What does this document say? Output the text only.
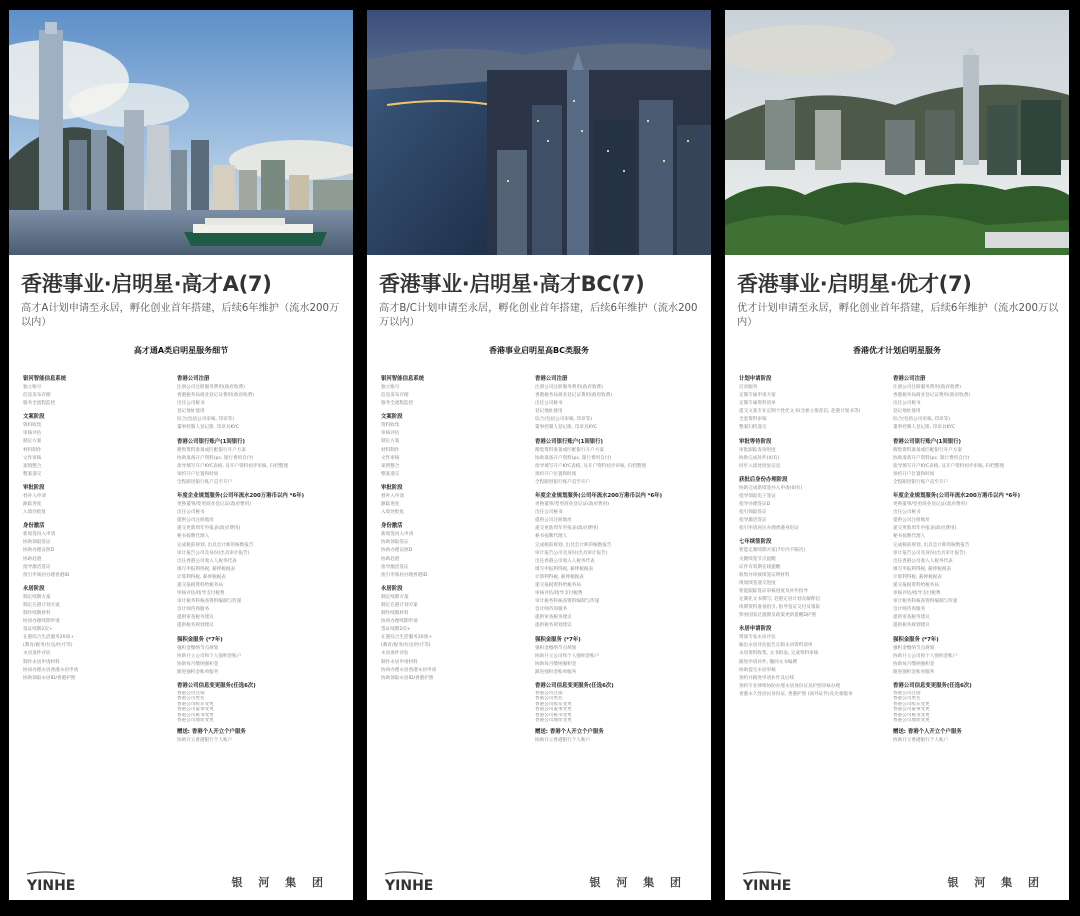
香港事业·启明星·高才A(7)
高才A计划申请至永居，孵化创业首年搭建，后续6年维护（流水200万以内）
高才通A类启明星服务细节
银河智能信息系统
独立账号
信息发布存储
服务全流程监控
文案阶段
资料收集
审核评估
制定方案
材料制作
文件审核
案情整合
整案递交
审批阶段
替补入申请
跟踪进度
入境处批复
身份激活
新境签再入申请
协助领取签证
协助办理证照D
协助赴港
指导激活签证
指引申领居办理香港ID
永居阶段
制定续期方案
制定在港计划方案
制作续期材料
协同办理续期申请
签证续期2次+
在港综合生活服务20项+
(教育/税务/住房/医疗等)
永居条件评估
制作永居申请材料
协同办理永居香港永居申请
协助领取永居ID/香港护照
香港公司注册
注册公司注册服务费用(政府收费)
香港税务局商业登记证费用(政府收费)
出任公司秘书
登记地址使用
综合(包括公司审核, 印章等)
董事控制人登记册, 印章具KYC
香港公司银行账户(1间银行)
搜集资料准备或匹配银行开户方案
协助准备开户资料(pc, 银行费用自付)
指导填写开户KYC表格, 及开户资料初步审核, 归档整理
预约开户位置和时间
全程跟进银行账户直至开户
年度企业规划服务(公司年流水200万港币以内 *6年)
更换董事/变更商业登记证(政府费用)
出任公司秘书
提供公司注册地址
递交更新周年申报表(政府费用)
秘书按牌代理人
完成税前规划, 出具会计师的核数报告
审计报告公司及身份(出具审计报告)
出任香港公司收入人税务代表
填写申报利得税, 薪俸税税表
计算利得税, 薪俸税税表
递交报税资料给税务局
审核评估/指导支付税费
审计税务科核查资料编制与传递
会计师咨询服务
提供审查税务建议
提供税务规划建议
强积金服务 (*7年)
强积金缴纳节点规划
协助开立公司和个人强积金账户
协助每月缴纳强积金
跟进强积金账单服务
香港公司信息变更服务(任选6次)
香港公司注销
香港公司更名
香港公司股东变更
香港公司董事变更
香港公司秘书变更
香港公司地址变更
赠送: 香港个人开立个户服务
协助开立香港银行个人账户
YINHE	银 河 集 团
香港事业·启明星·高才BC(7)
高才B/C计划申请至永居，孵化创业首年搭建，后续6年维护（流水200万以内）
香港事业启明星高BC类服务
银河智能信息系统
独立账号
信息发布存储
服务全流程监控
文案阶段
资料收集
审核评估
制定方案
材料制作
文件审核
案情整合
整案递交
审批阶段
替补入申请
跟踪进度
入境处批复
身份激活
新境签再入申请
协助领取签证
协助办理证照D
协助赴港
指导激活签证
指引申领居办理香港ID
永居阶段
制定续期方案
制定在港计划方案
制作续期材料
协同办理续期申请
签证续期2次+
在港综合生活服务20项+
(教育/税务/住房/医疗等)
永居条件评估
制作永居申请材料
协同办理永居香港永居申请
协助领取永居ID/香港护照
香港公司注册
注册公司注册服务费用(政府收费)
香港税务局商业登记证费用(政府收费)
出任公司秘书
登记地址使用
综合(包括公司审核, 印章等)
董事控制人登记册, 印章具KYC
香港公司银行账户(1间银行)
搜集资料准备或匹配银行开户方案
协助准备开户资料(pc, 银行费用自付)
指导填写开户KYC表格, 及开户资料初步审核, 归档整理
预约开户位置和时间
全程跟进银行账户直至开户
年度企业规划服务(公司年流水200万港币以内 *6年)
更换董事/变更商业登记证(政府费用)
出任公司秘书
提供公司注册地址
递交更新周年申报表(政府费用)
秘书按牌代理人
完成税前规划, 出具会计师的核数报告
审计报告公司及身份(出具审计报告)
出任香港公司收入人税务代表
填写申报利得税, 薪俸税税表
计算利得税, 薪俸税税表
递交报税资料给税务局
审核评估/指导支付税费
审计税务科核查资料编制与传递
会计师咨询服务
提供审查税务建议
提供税务规划建议
强积金服务 (*7年)
强积金缴纳节点规划
协助开立公司和个人强积金账户
协助每月缴纳强积金
跟进强积金账单服务
香港公司信息变更服务(任选6次)
香港公司注销
香港公司更名
香港公司股东变更
香港公司董事变更
香港公司秘书变更
香港公司地址变更
赠送: 香港个人开立个户服务
协助开立香港银行个人账户
YINHE	银 河 集 团
香港事业·启明星·优才(7)
优才计划申请至永居，孵化创业首年搭建，后续6年维护（流水200万以内）
香港优才计划启明星服务
计划申请阶段
启动服务
定制专属申请方案
定制专属资料清单
提交文案专业定制个性化文书(含雇主推荐信, 赴港计划书等)
全套资料审核
整案归档递交
审批等待阶段
审批跟踪查询进度
协助完成补件(如有)
同步入境处批复信息
获批后身份办理阶段
协助完成新境签并入申请(如有)
指导领取电子签证
指导办理签证D
指引领取签证
指导激活签证
指引申请居民办理香港身份证
七年续签阶段
智能定制续期方案(7年内不限次)
关键续签节点提醒
证件有效期在线提醒
收集并审核续签证明材料
规划续签递交进度
智能跟踪签证审核进度及补件指导
定制化文书撰写, 赴港定居计划及解释信
续期资料准备指引, 指导签证交付及领取
察看国家过渡期及政策更新提醒D护照
永居申请阶段
资深专家永居评估
输出永居评估报告定制永居资料清单
永居资料收集, 文书指南, 完成资料审核
跟进申请补件, 撤回文书编撰
协助提交永居审核
预约并跟进申请补件及后续
预约专业律师协助办理永居身份证及护照审核办理
香港永久性居民身份证, 香港护照 (国外证件)及先驱服务
香港公司注册
注册公司注册服务费用(政府收费)
香港税务局商业登记证费用(政府收费)
出任公司秘书
登记地址使用
综合(包括公司审核, 印章等)
董事控制人登记册, 印章具KYC
香港公司银行账户(1间银行)
搜集资料准备或匹配银行开户方案
协助准备开户资料(pc, 银行费用自付)
指导填写开户KYC表格, 及开户资料初步审核, 归档整理
预约开户位置和时间
全程跟进银行账户直至开户
年度企业规划服务(公司年流水200万港币以内 *6年)
更换董事/变更商业登记证(政府费用)
出任公司秘书
提供公司注册地址
递交更新周年申报表(政府费用)
秘书按牌代理人
完成税前规划, 出具会计师的核数报告
审计报告公司及身份(出具审计报告)
出任香港公司收入人税务代表
填写申报利得税, 薪俸税税表
计算利得税, 薪俸税税表
递交报税资料给税务局
审核评估/指导支付税费
审计税务科核查资料编制与传递
会计师咨询服务
提供审查税务建议
提供税务规划建议
强积金服务 (*7年)
强积金缴纳节点规划
协助开立公司和个人强积金账户
协助每月缴纳强积金
跟进强积金账单服务
香港公司信息变更服务(任选6次)
香港公司注销
香港公司更名
香港公司股东变更
香港公司董事变更
香港公司秘书变更
香港公司地址变更
赠送: 香港个人开立个户服务
协助开立香港银行个人账户
YINHE	银 河 集 团
